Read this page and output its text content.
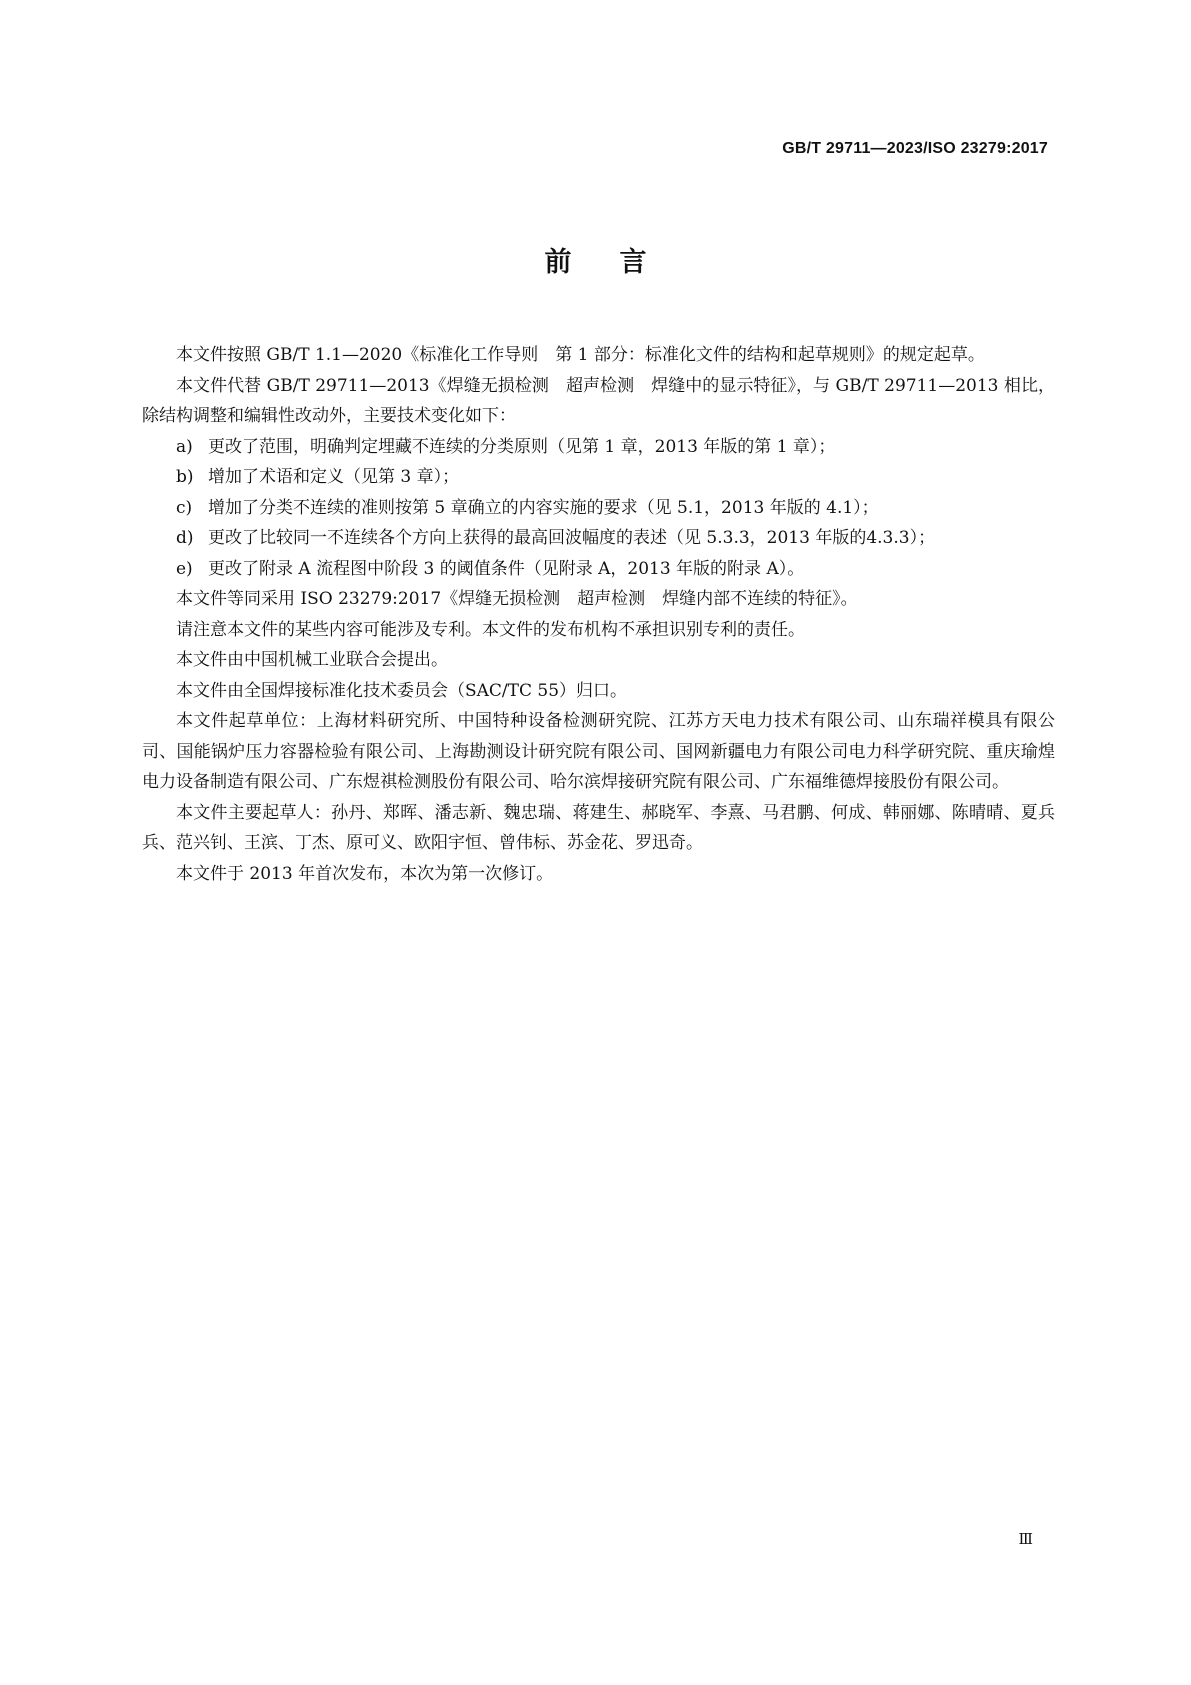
GB/T 29711—2023/ISO 23279:2017
前言

本文件按照 GB/T 1.1—2020《标准化工作导则　第 1 部分：标准化文件的结构和起草规则》的规定起草。

本文件代替 GB/T 29711—2013《焊缝无损检测　超声检测　焊缝中的显示特征》，与 GB/T 29711—2013 相比，除结构调整和编辑性改动外，主要技术变化如下：

a) 更改了范围，明确判定埋藏不连续的分类原则（见第 1 章，2013 年版的第 1 章）；
b) 增加了术语和定义（见第 3 章）；
c) 增加了分类不连续的准则按第 5 章确立的内容实施的要求（见 5.1，2013 年版的 4.1）；
d) 更改了比较同一不连续各个方向上获得的最高回波幅度的表述（见 5.3.3，2013 年版的4.3.3）；
e) 更改了附录 A 流程图中阶段 3 的阈值条件（见附录 A，2013 年版的附录 A）。

本文件等同采用 ISO 23279:2017《焊缝无损检测　超声检测　焊缝内部不连续的特征》。

请注意本文件的某些内容可能涉及专利。本文件的发布机构不承担识别专利的责任。

本文件由中国机械工业联合会提出。

本文件由全国焊接标准化技术委员会（SAC/TC 55）归口。

本文件起草单位：上海材料研究所、中国特种设备检测研究院、江苏方天电力技术有限公司、山东瑞祥模具有限公司、国能锅炉压力容器检验有限公司、上海勘测设计研究院有限公司、国网新疆电力有限公司电力科学研究院、重庆瑜煌电力设备制造有限公司、广东煜祺检测股份有限公司、哈尔滨焊接研究院有限公司、广东福维德焊接股份有限公司。

本文件主要起草人：孙丹、郑晖、潘志新、魏忠瑞、蒋建生、郝晓军、李熹、马君鹏、何成、韩丽娜、陈晴晴、夏兵兵、范兴钊、王滨、丁杰、原可义、欧阳宇恒、曾伟标、苏金花、罗迅奇。

本文件于 2013 年首次发布，本次为第一次修订。

Ⅲ
